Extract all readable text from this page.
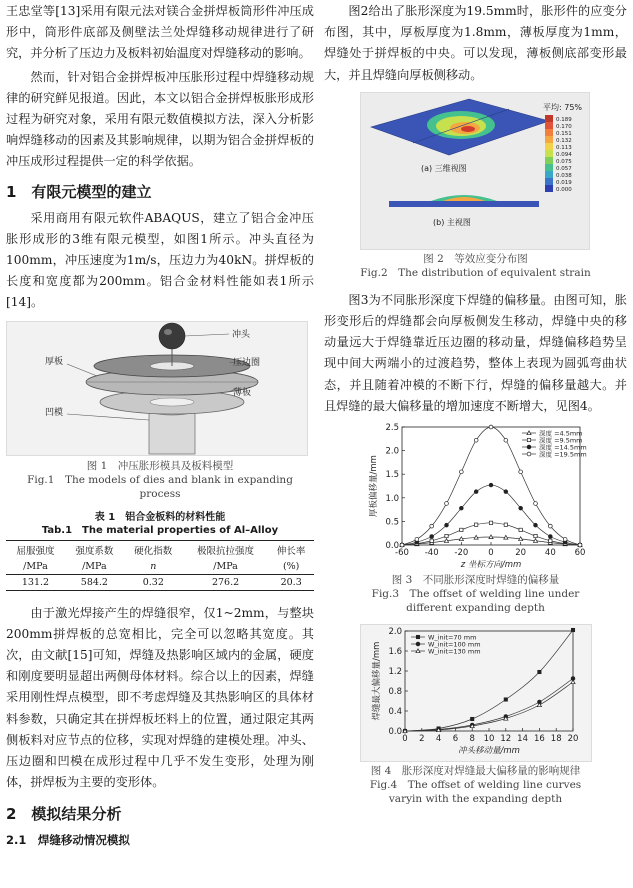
王忠堂等[13]采用有限元法对镁合金拼焊板筒形件冲压成形中，筒形件底部及侧壁法兰处焊缝移动规律进行了研究，并分析了压边力及板料初始温度对焊缝移动的影响。

然而，针对铝合金拼焊板冲压胀形过程中焊缝移动规律的研究鲜见报道。因此，本文以铝合金拼焊板胀形成形过程为研究对象，采用有限元数值模拟方法，深入分析影响焊缝移动的因素及其影响规律，以期为铝合金拼焊板的冲压成形过程提供一定的科学依据。

1　有限元模型的建立

采用商用有限元软件ABAQUS，建立了铝合金冲压胀形成形的3维有限元模型，如图1所示。冲头直径为100mm，冲压速度为1m/s，压边力为40kN。拼焊板的长度和宽度都为200mm。铝合金材料性能如表1所示[14]。

冲头
压边圈
厚板
薄板
凹模
图 1　冲压胀形模具及板料模型
Fig.1　The models of dies and blank in expanding process
表 1　铝合金板料的材料性能
Tab.1　The material properties of Al–Alloy
屈服强度	强度系数	硬化指数	极限抗拉强度	伸长率
/MPa	/MPa	n	/MPa	(%)
131.2	584.2	0.32	276.2	20.3

由于激光焊接产生的焊缝很窄，仅1~2mm，与整块200mm拼焊板的总宽相比，完全可以忽略其宽度。其次，由文献[15]可知，焊缝及热影响区域内的金属，硬度和刚度要明显超出两侧母体材料。综合以上的因素，焊缝采用刚性焊点模型，即不考虑焊缝及其热影响区的具体材料参数，只确定其在拼焊板坯料上的位置，通过限定其两侧板料对应节点的位移，实现对焊缝的建模处理。冲头、压边圈和凹模在成形过程中几乎不发生变形，处理为刚体，拼焊板为主要的变形体。

2　模拟结果分析
2.1　焊缝移动情况模拟

图2给出了胀形深度为19.5mm时，胀形件的应变分布图，其中，厚板厚度为1.8mm，薄板厚度为1mm，焊缝处于拼焊板的中央。可以发现，薄板侧底部变形最大，并且焊缝向厚板侧移动。

(a) 三维视图
(b) 主视图
平均: 75%
0.189
0.170
0.151
0.132
0.113
0.094
0.075
0.057
0.038
0.019
0.000
图 2　等效应变分布图
Fig.2　The distribution of equivalent strain

图3为不同胀形深度下焊缝的偏移量。由图可知，胀形变形后的焊缝都会向厚板侧发生移动，焊缝中央的移动量远大于焊缝靠近压边圈的移动量，焊缝偏移趋势呈现中间大两端小的过渡趋势，整体上表现为圆弧弯曲状态，并且随着冲模的不断下行，焊缝的偏移量越大。并且焊缝的最大偏移量的增加速度不断增大，见图4。

-60 -40 -20 0	20 40 60
0.0
0.5
1.0
1.5
2.0
2.5
z 坐标方向/mm
厚板偏移量/mm
深度 =4.5mm
深度 =9.5mm
深度 =14.5mm
深度 =19.5mm
图 3　不同胀形深度时焊缝的偏移量
Fig.3　The offset of welding line under
different expanding depth
0 2 4 6 8 10 12 14 16 18 20
0.0
0.4
0.8
1.2
1.6
2.0
冲头移动量/mm
焊缝最大偏移量/mm
W_init=70 mm
W_init=100 mm
W_init=130 mm
图 4　胀形深度对焊缝最大偏移量的影响规律
Fig.4　The offset of welding line curves
varyin with the expanding depth
